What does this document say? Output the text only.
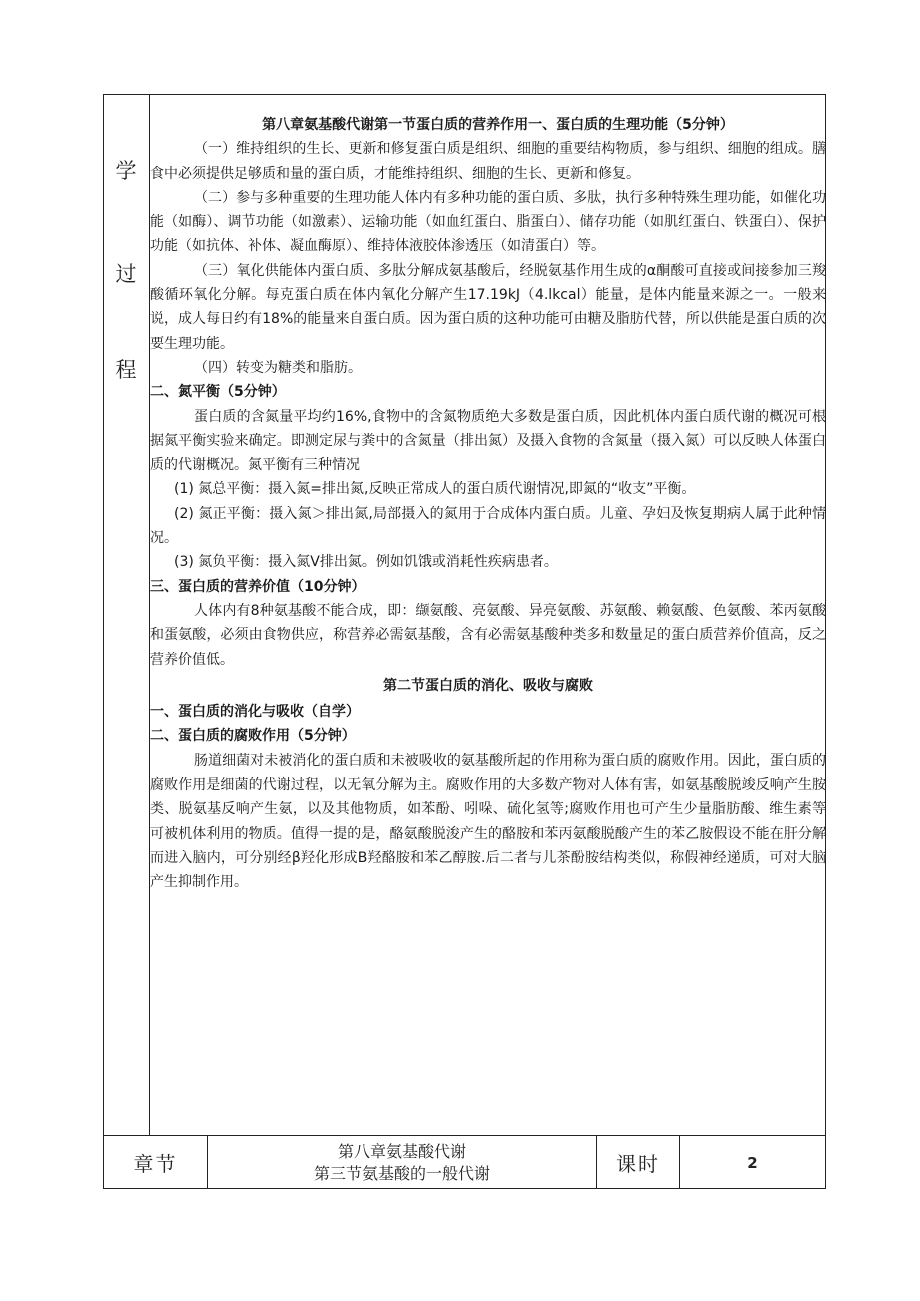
学
过
程

第八章氨基酸代谢第一节蛋白质的营养作用一、蛋白质的生理功能（5分钟）

（一）维持组织的生长、更新和修复蛋白质是组织、细胞的重要结构物质，参与组织、细胞的组成。膳食中必须提供足够质和量的蛋白质，才能维持组织、细胞的生长、更新和修复。

（二）参与多种重要的生理功能人体内有多种功能的蛋白质、多肽，执行多种特殊生理功能，如催化功能（如酶）、调节功能（如激素）、运输功能（如血红蛋白、脂蛋白）、储存功能（如肌红蛋白、铁蛋白）、保护功能（如抗体、补体、凝血酶原）、维持体液胶体渗透压（如清蛋白）等。

（三）氧化供能体内蛋白质、多肽分解成氨基酸后，经脱氨基作用生成的α酮酸可直接或间接参加三羧酸循环氧化分解。每克蛋白质在体内氧化分解产生17.19kJ（4.lkcal）能量，是体内能量来源之一。一般来说，成人每日约有18%的能量来自蛋白质。因为蛋白质的这种功能可由糖及脂肪代替，所以供能是蛋白质的次要生理功能。

（四）转变为糖类和脂肪。

二、氮平衡（5分钟）

蛋白质的含氮量平均约16%,食物中的含氮物质绝大多数是蛋白质，因此机体内蛋白质代谢的概况可根据氮平衡实验来确定。即测定尿与粪中的含氮量（排出氮）及摄入食物的含氮量（摄入氮）可以反映人体蛋白质的代谢概况。氮平衡有三种情况

(1) 氮总平衡：摄入氮=排出氮,反映正常成人的蛋白质代谢情况,即氮的“收支”平衡。

(2) 氮正平衡：摄入氮＞排出氮,局部摄入的氮用于合成体内蛋白质。儿童、孕妇及恢复期病人属于此种情况。

(3) 氮负平衡：摄入氮V排出氮。例如饥饿或消耗性疾病患者。

三、蛋白质的营养价值（10分钟）

人体内有8种氨基酸不能合成，即：缬氨酸、亮氨酸、异亮氨酸、苏氨酸、赖氨酸、色氨酸、苯丙氨酸和蛋氨酸，必须由食物供应，称营养必需氨基酸，含有必需氨基酸种类多和数量足的蛋白质营养价值高，反之营养价值低。

第二节蛋白质的消化、吸收与腐败

一、蛋白质的消化与吸收（自学）

二、蛋白质的腐败作用（5分钟）

肠道细菌对未被消化的蛋白质和未被吸收的氨基酸所起的作用称为蛋白质的腐败作用。因此，蛋白质的腐败作用是细菌的代谢过程，以无氧分解为主。腐败作用的大多数产物对人体有害，如氨基酸脱竣反响产生胺类、脱氨基反响产生氨，以及其他物质，如苯酚、吲哚、硫化氢等;腐败作用也可产生少量脂肪酸、维生素等可被机体利用的物质。值得一提的是，酪氨酸脱浚产生的酪胺和苯丙氨酸脱酸产生的苯乙胺假设不能在肝分解而进入脑内，可分别经β羟化形成B羟酪胺和苯乙醇胺.后二者与儿茶酚胺结构类似，称假神经递质，可对大脑产生抑制作用。

章节
第八章氨基酸代谢
第三节氨基酸的一般代谢	课时	2
